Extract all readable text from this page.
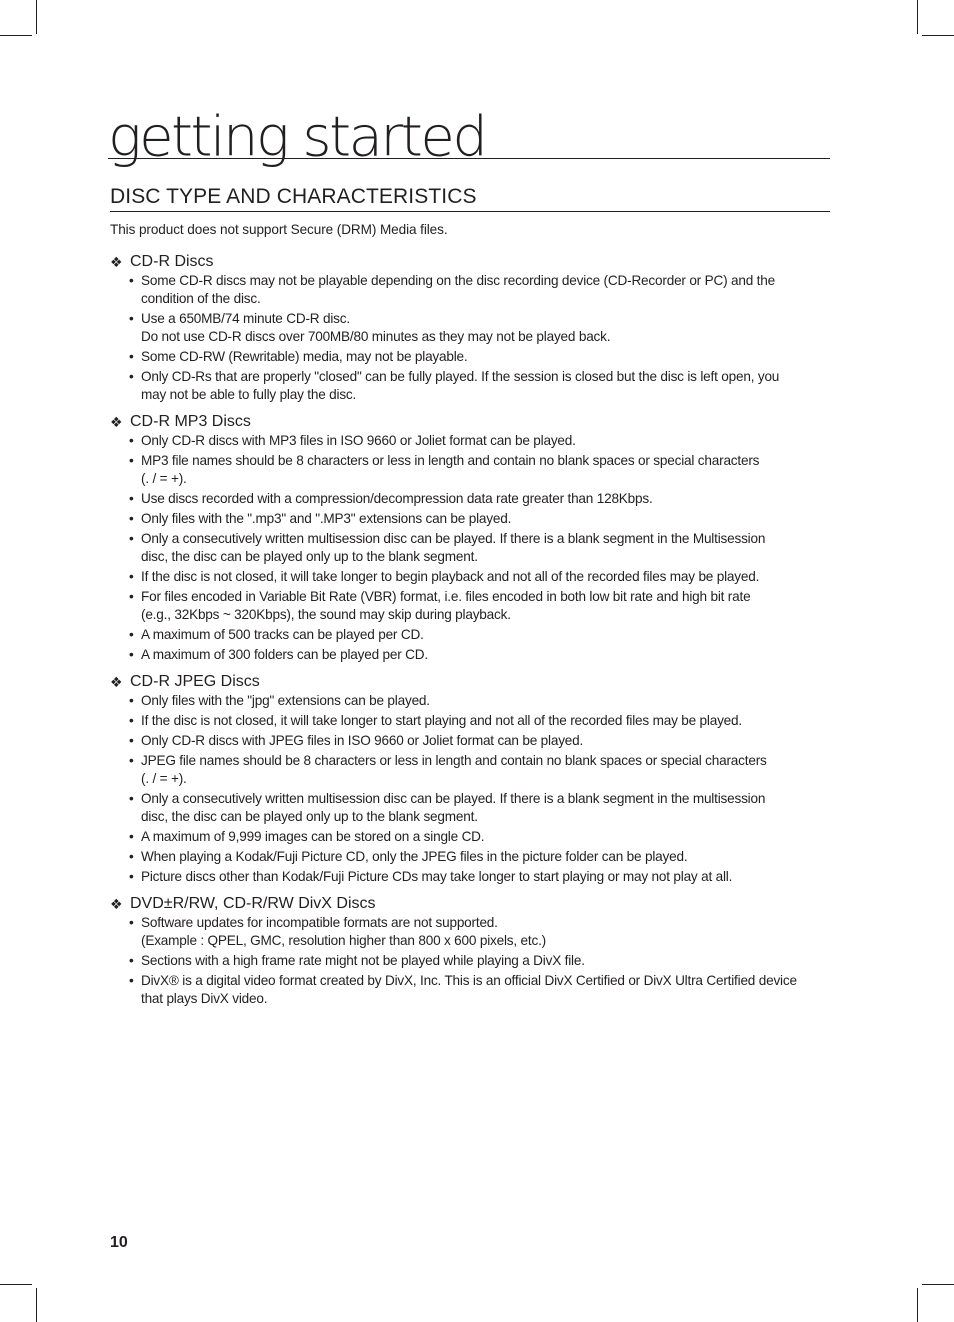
getting started
DISC TYPE AND CHARACTERISTICS

This product does not support Secure (DRM) Media files.

❖ CD-R Discs
• Some CD-R discs may not be playable depending on the disc recording device (CD-Recorder or PC) and the
condition of the disc.
• Use a 650MB/74 minute CD-R disc.
Do not use CD-R discs over 700MB/80 minutes as they may not be played back.
• Some CD-RW (Rewritable) media, may not be playable.
• Only CD-Rs that are properly "closed" can be fully played. If the session is closed but the disc is left open, you
may not be able to fully play the disc.
❖ CD-R MP3 Discs
• Only CD-R discs with MP3 files in ISO 9660 or Joliet format can be played.
• MP3 file names should be 8 characters or less in length and contain no blank spaces or special characters
(. / = +).
• Use discs recorded with a compression/decompression data rate greater than 128Kbps.
• Only files with the ".mp3" and ".MP3" extensions can be played.
• Only a consecutively written multisession disc can be played. If there is a blank segment in the Multisession
disc, the disc can be played only up to the blank segment.
• If the disc is not closed, it will take longer to begin playback and not all of the recorded files may be played.
• For files encoded in Variable Bit Rate (VBR) format, i.e. files encoded in both low bit rate and high bit rate
(e.g., 32Kbps ~ 320Kbps), the sound may skip during playback.
• A maximum of 500 tracks can be played per CD.
• A maximum of 300 folders can be played per CD.
❖ CD-R JPEG Discs
• Only files with the "jpg" extensions can be played.
• If the disc is not closed, it will take longer to start playing and not all of the recorded files may be played.
• Only CD-R discs with JPEG files in ISO 9660 or Joliet format can be played.
• JPEG file names should be 8 characters or less in length and contain no blank spaces or special characters
(. / = +).
• Only a consecutively written multisession disc can be played. If there is a blank segment in the multisession
disc, the disc can be played only up to the blank segment.
• A maximum of 9,999 images can be stored on a single CD.
• When playing a Kodak/Fuji Picture CD, only the JPEG files in the picture folder can be played.
• Picture discs other than Kodak/Fuji Picture CDs may take longer to start playing or may not play at all.
❖ DVD±R/RW, CD-R/RW DivX Discs
• Software updates for incompatible formats are not supported.
(Example : QPEL, GMC, resolution higher than 800 x 600 pixels, etc.)
• Sections with a high frame rate might not be played while playing a DivX file.
• DivX® is a digital video format created by DivX, Inc. This is an official DivX Certified or DivX Ultra Certified device
that plays DivX video.
10
